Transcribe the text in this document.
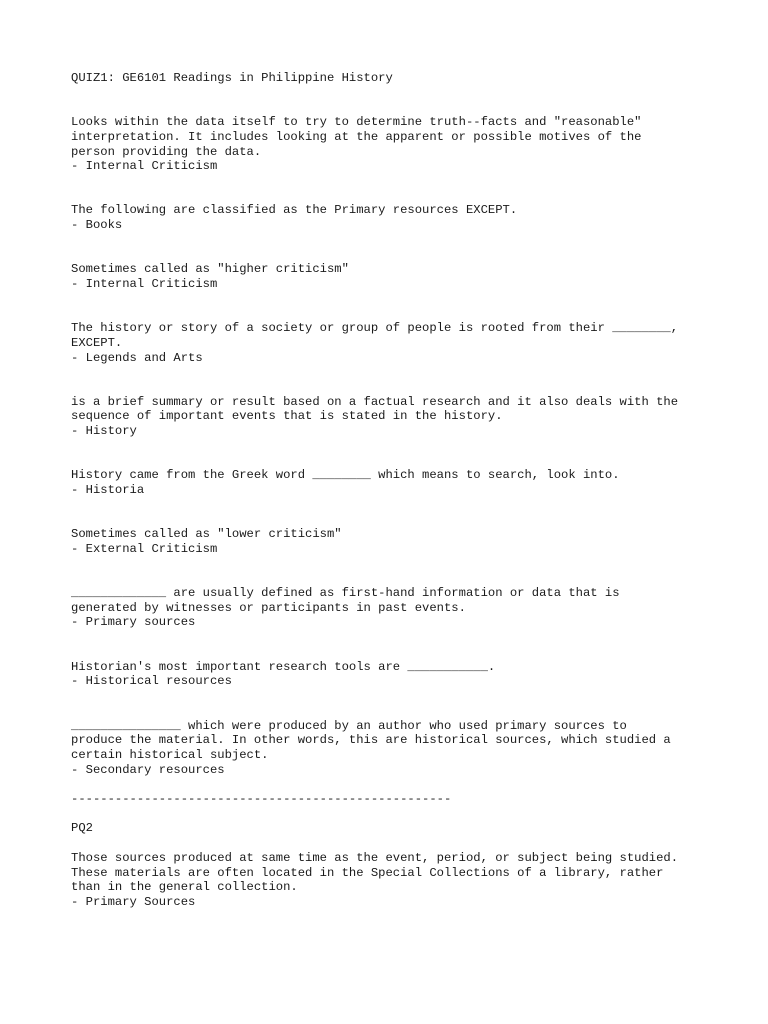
QUIZ1: GE6101 Readings in Philippine History
Looks within the data itself to try to determine truth--facts and "reasonable"
interpretation. It includes looking at the apparent or possible motives of the
person providing the data.
- Internal Criticism
The following are classified as the Primary resources EXCEPT.
- Books
Sometimes called as "higher criticism"
- Internal Criticism
The history or story of a society or group of people is rooted from their ________,
EXCEPT.
- Legends and Arts
is a brief summary or result based on a factual research and it also deals with the
sequence of important events that is stated in the history.
- History
History came from the Greek word ________ which means to search, look into.
- Historia
Sometimes called as "lower criticism"
- External Criticism
_____________ are usually defined as first-hand information or data that is
generated by witnesses or participants in past events.
- Primary sources
Historian's most important research tools are ___________.
- Historical resources
_______________ which were produced by an author who used primary sources to
produce the material. In other words, this are historical sources, which studied a
certain historical subject.
- Secondary resources
----------------------------------------------------
PQ2
Those sources produced at same time as the event, period, or subject being studied.
These materials are often located in the Special Collections of a library, rather
than in the general collection.
- Primary Sources
